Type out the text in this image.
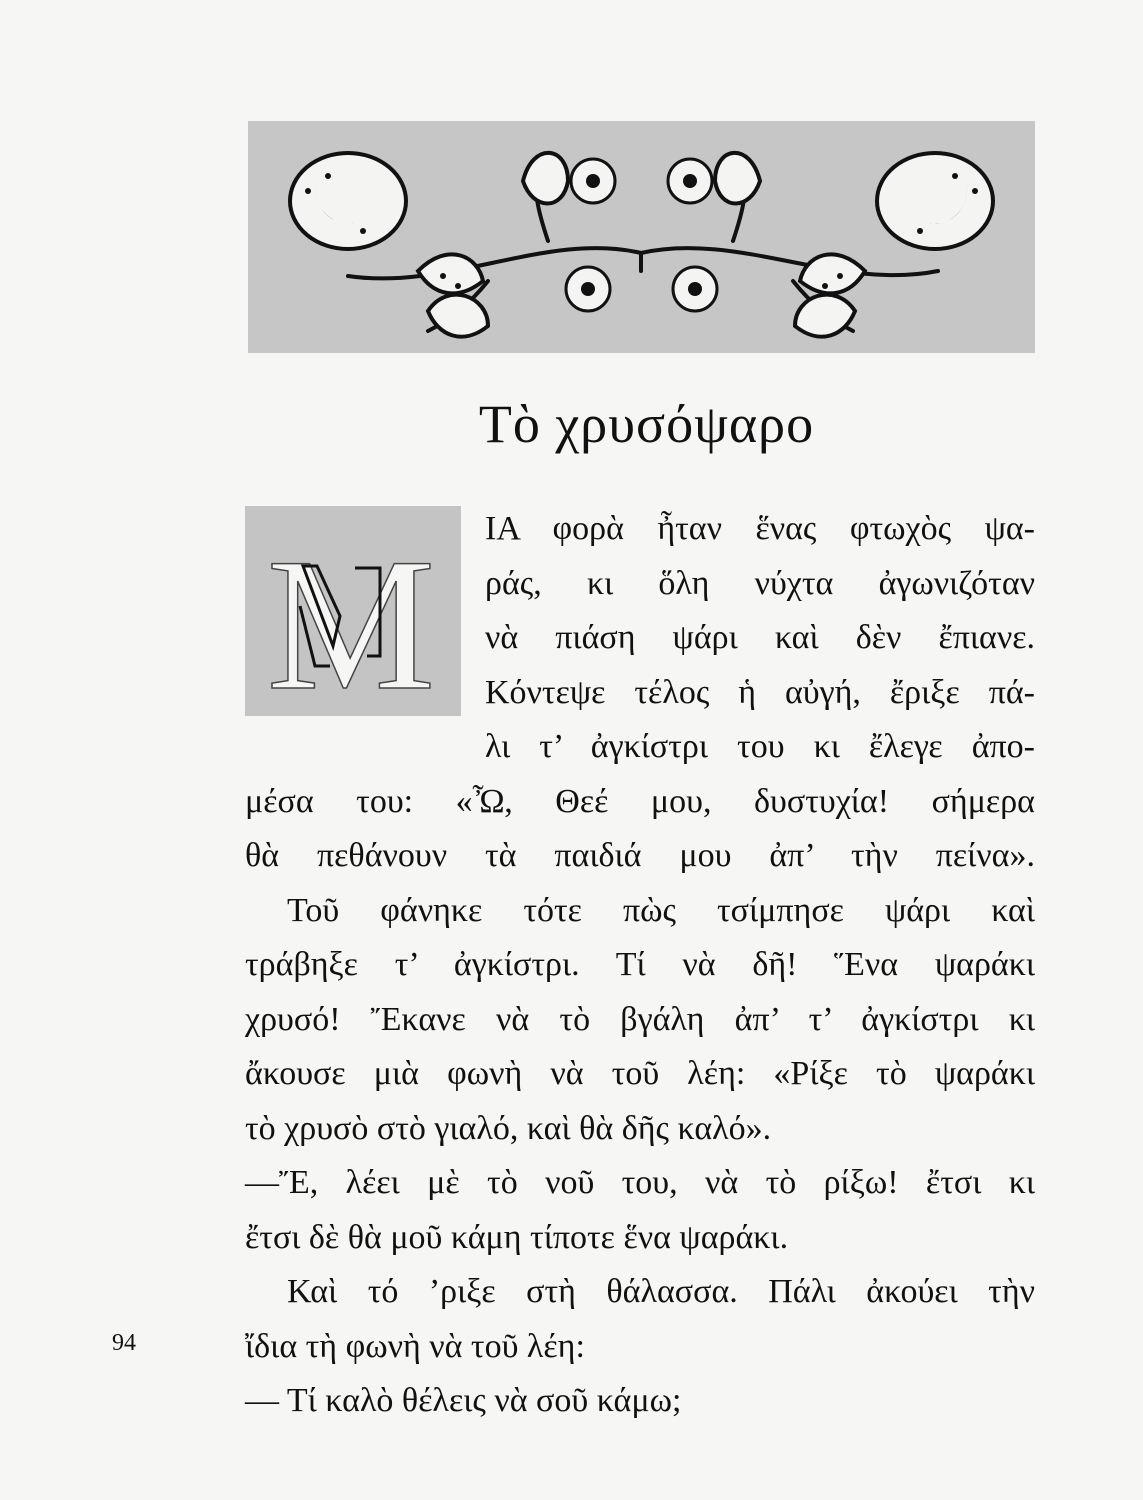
Τὸ χρυσόψαρο
Μ	ΙΑ φορὰ ἦταν ἕνας φτωχὸς ψα-
ράς, κι ὅλη νύχτα ἀγωνιζόταν
νὰ πιάση ψάρι καὶ δὲν ἔπιανε.
Κόντεψε τέλος ἡ αὐγή, ἔριξε πά-
λι τ’ ἀγκίστρι του κι ἔλεγε ἀπο-
μέσα του: «Ὦ, Θεέ μου, δυστυχία! σήμερα
θὰ πεθάνουν τὰ παιδιά μου ἀπ’ τὴν πείνα».
Τοῦ φάνηκε τότε πὼς τσίμπησε ψάρι καὶ
τράβηξε τ’ ἀγκίστρι. Τί νὰ δῆ! Ἕνα ψαράκι
χρυσό! Ἔκανε νὰ τὸ βγάλη ἀπ’ τ’ ἀγκίστρι κι
ἄκουσε μιὰ φωνὴ νὰ τοῦ λέη: «Ρίξε τὸ ψαράκι
τὸ χρυσὸ στὸ γιαλό, καὶ θὰ δῆς καλό».
—Ἔ, λέει μὲ τὸ νοῦ του, νὰ τὸ ρίξω! ἔτσι κι
ἔτσι δὲ θὰ μοῦ κάμη τίποτε ἕνα ψαράκι.
Καὶ τό ’ριξε στὴ θάλασσα. Πάλι ἀκούει τὴν
ἴδια τὴ φωνὴ νὰ τοῦ λέη:
— Τί καλὸ θέλεις νὰ σοῦ κάμω;
94
